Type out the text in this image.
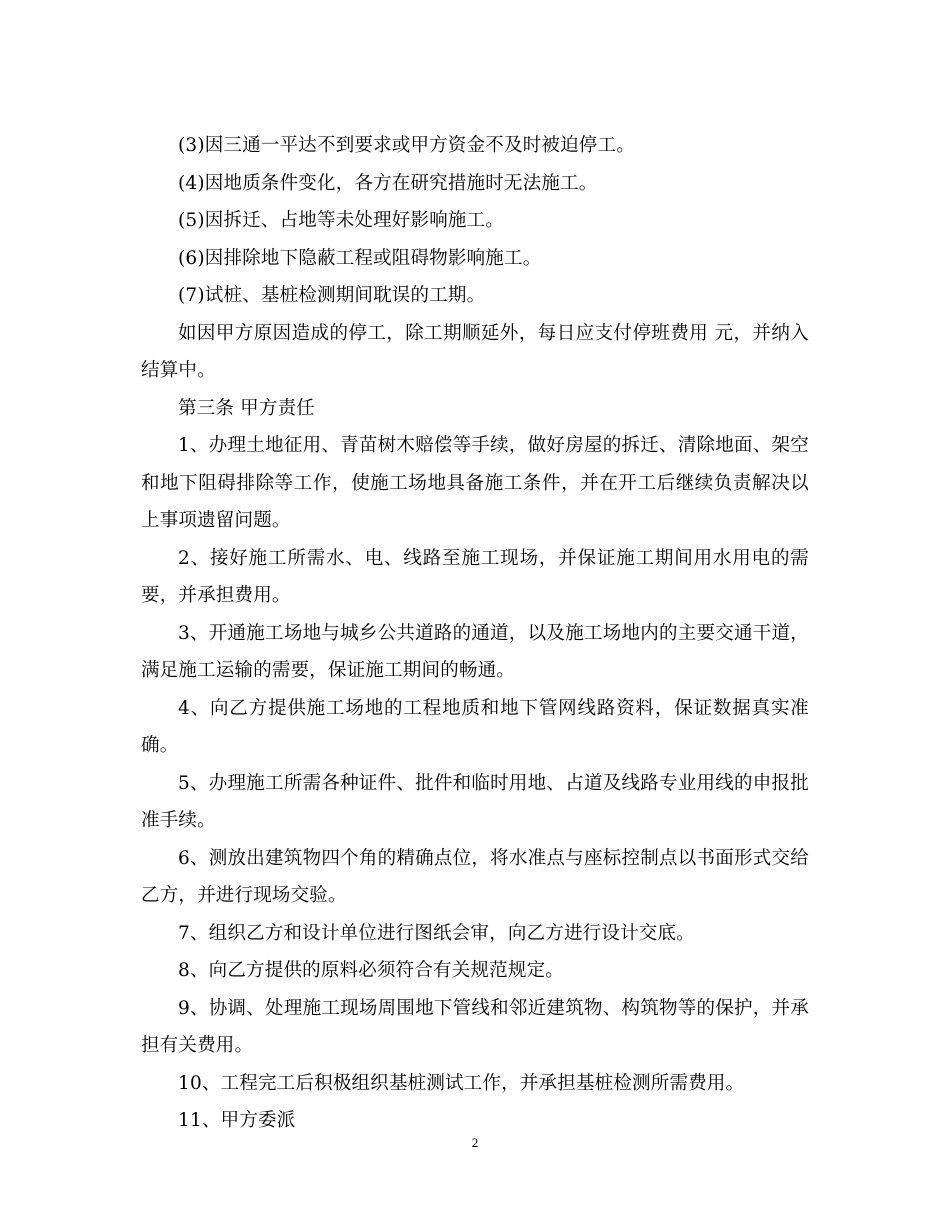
(3)因三通一平达不到要求或甲方资金不及时被迫停工。

(4)因地质条件变化，各方在研究措施时无法施工。

(5)因拆迁、占地等未处理好影响施工。

(6)因排除地下隐蔽工程或阻碍物影响施工。

(7)试桩、基桩检测期间耽误的工期。

如因甲方原因造成的停工，除工期顺延外，每日应支付停班费用 元，并纳入结算中。

第三条 甲方责任

1、办理土地征用、青苗树木赔偿等手续，做好房屋的拆迁、清除地面、架空和地下阻碍排除等工作，使施工场地具备施工条件，并在开工后继续负责解决以上事项遗留问题。

2、接好施工所需水、电、线路至施工现场，并保证施工期间用水用电的需要，并承担费用。

3、开通施工场地与城乡公共道路的通道，以及施工场地内的主要交通干道，满足施工运输的需要，保证施工期间的畅通。

4、向乙方提供施工场地的工程地质和地下管网线路资料，保证数据真实准确。

5、办理施工所需各种证件、批件和临时用地、占道及线路专业用线的申报批准手续。

6、测放出建筑物四个角的精确点位，将水准点与座标控制点以书面形式交给乙方，并进行现场交验。

7、组织乙方和设计单位进行图纸会审，向乙方进行设计交底。

8、向乙方提供的原料必须符合有关规范规定。

9、协调、处理施工现场周围地下管线和邻近建筑物、构筑物等的保护，并承担有关费用。

10、工程完工后积极组织基桩测试工作，并承担基桩检测所需费用。

11、甲方委派

2
